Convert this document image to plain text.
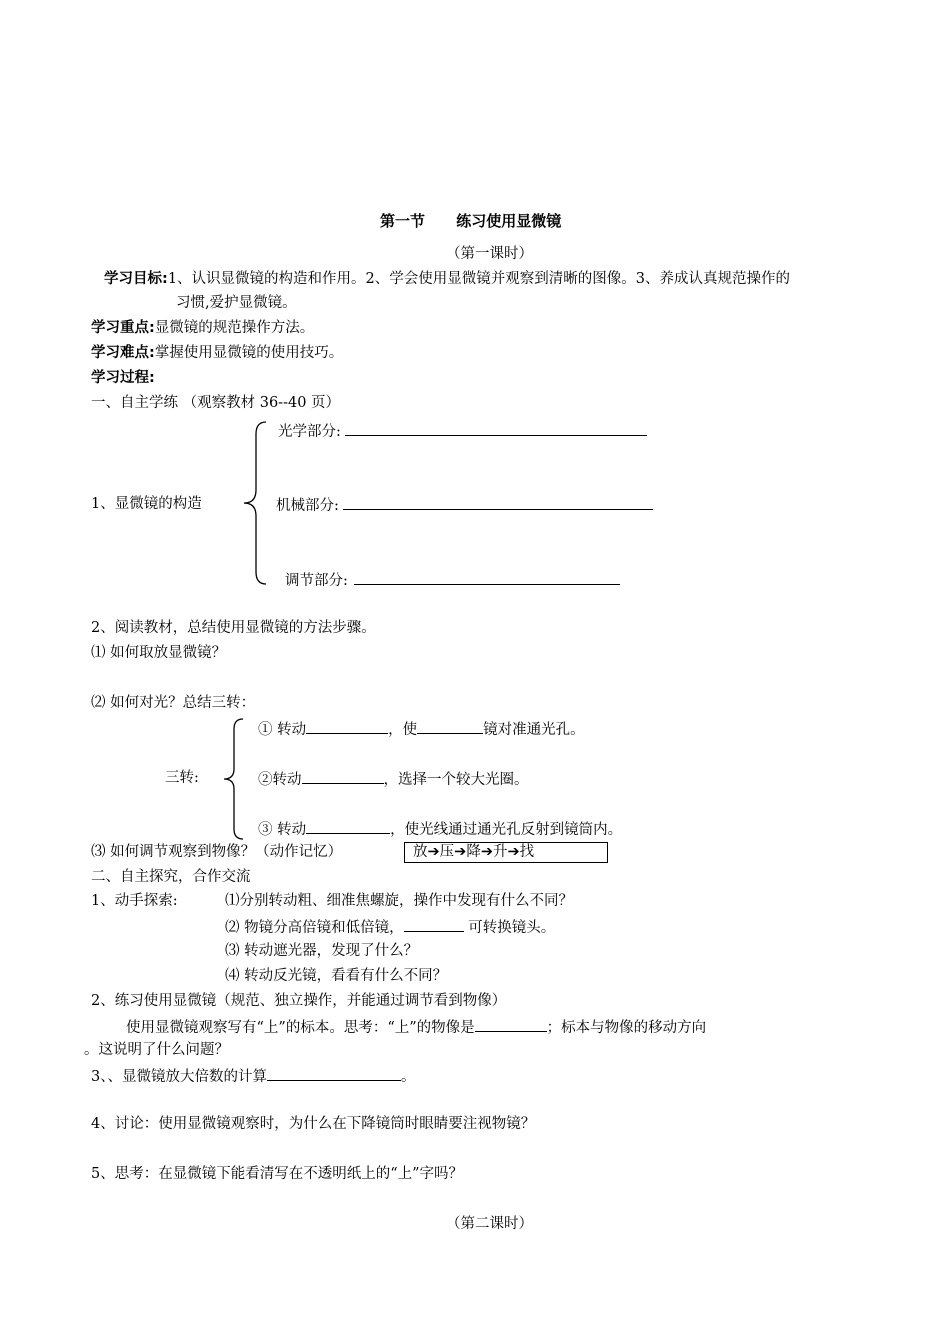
第一节 练习使用显微镜
（第一课时）
学习目标:1、认识显微镜的构造和作用。2、学会使用显微镜并观察到清晰的图像。3、养成认真规范操作的
习惯,爱护显微镜。
学习重点:显微镜的规范操作方法。
学习难点:掌握使用显微镜的使用技巧。
学习过程:
一、自主学练 （观察教材 36--40 页）
光学部分:
1、显微镜的构造	机械部分:
调节部分:
2、阅读教材，总结使用显微镜的方法步骤。
⑴ 如何取放显微镜？
⑵ 如何对光？总结三转：
① 转动	，使	镜对准通光孔。
三转:	②转动	，选择一个较大光圈。
③ 转动	，使光线通过通光孔反射到镜筒内。
⑶ 如何调节观察到物像？（动作记忆）	放➔压➔降➔升➔找
二、自主探究，合作交流
1、动手探索:	⑴分别转动粗、细准焦螺旋，操作中发现有什么不同？
⑵ 物镜分高倍镜和低倍镜，	可转换镜头。
⑶ 转动遮光器，发现了什么？
⑷ 转动反光镜，看看有什么不同？
2、练习使用显微镜（规范、独立操作，并能通过调节看到物像）
使用显微镜观察写有“上”的标本。思考：“上”的物像是	；标本与物像的移动方向
。这说明了什么问题？
3、、显微镜放大倍数的计算	。
4、讨论：使用显微镜观察时，为什么在下降镜筒时眼睛要注视物镜？
5、思考：在显微镜下能看清写在不透明纸上的“上”字吗？
（第二课时）
